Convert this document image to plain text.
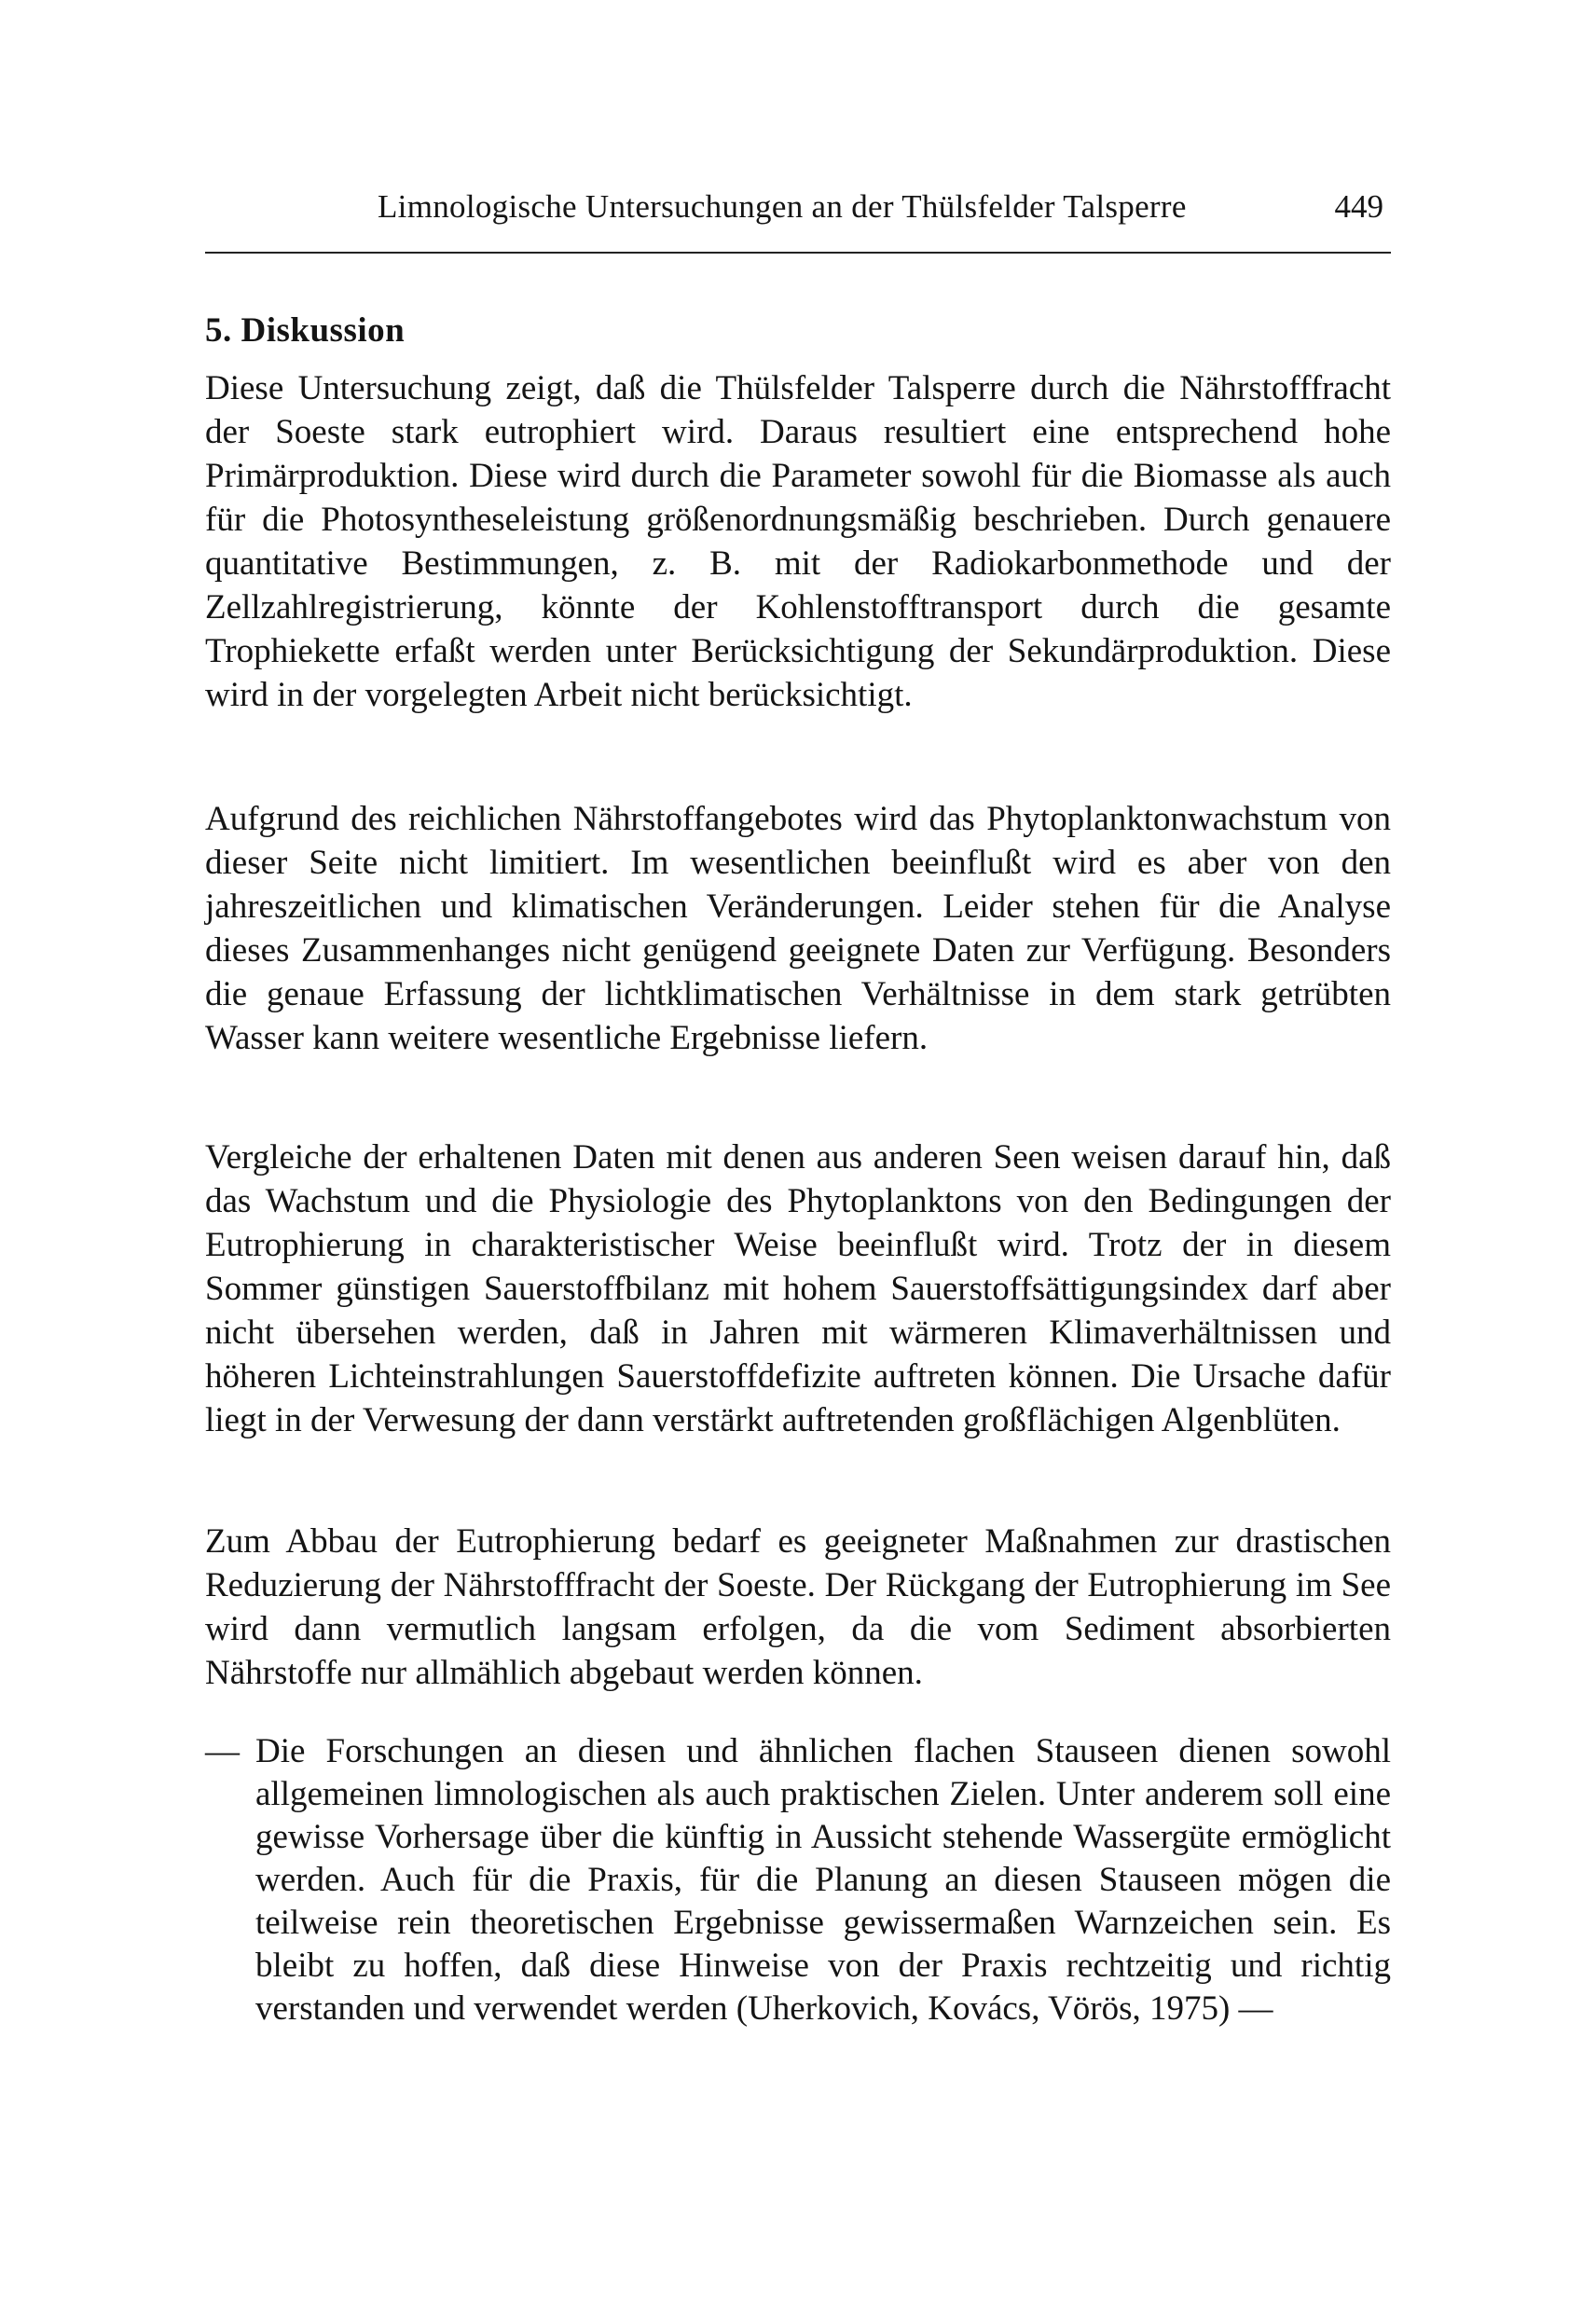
Limnologische Untersuchungen an der Thülsfelder Talsperre	449
5. Diskussion

Diese Untersuchung zeigt, daß die Thülsfelder Talsperre durch die Nährstofffracht der Soeste stark eutrophiert wird. Daraus resultiert eine entsprechend hohe Primärproduktion. Diese wird durch die Parameter sowohl für die Biomasse als auch für die Photosyntheseleistung größenordnungsmäßig beschrieben. Durch genauere quantitative Bestimmungen, z. B. mit der Radiokarbonmethode und der Zellzahlregistrierung, könnte der Kohlenstofftransport durch die gesamte Trophiekette erfaßt werden unter Berücksichtigung der Sekundärproduktion. Diese wird in der vorgelegten Arbeit nicht berücksichtigt.

Aufgrund des reichlichen Nährstoffangebotes wird das Phytoplanktonwachstum von dieser Seite nicht limitiert. Im wesentlichen beeinflußt wird es aber von den jahreszeitlichen und klimatischen Veränderungen. Leider stehen für die Analyse dieses Zusammenhanges nicht genügend geeignete Daten zur Verfügung. Besonders die genaue Erfassung der lichtklimatischen Verhältnisse in dem stark getrübten Wasser kann weitere wesentliche Ergebnisse liefern.

Vergleiche der erhaltenen Daten mit denen aus anderen Seen weisen darauf hin, daß das Wachstum und die Physiologie des Phytoplanktons von den Bedingungen der Eutrophierung in charakteristischer Weise beeinflußt wird. Trotz der in diesem Sommer günstigen Sauerstoffbilanz mit hohem Sauerstoffsättigungsindex darf aber nicht übersehen werden, daß in Jahren mit wärmeren Klimaverhältnissen und höheren Lichteinstrahlungen Sauerstoffdefizite auftreten können. Die Ursache dafür liegt in der Verwesung der dann verstärkt auftretenden großflächigen Algenblüten.

Zum Abbau der Eutrophierung bedarf es geeigneter Maßnahmen zur drastischen Reduzierung der Nährstofffracht der Soeste. Der Rückgang der Eutrophierung im See wird dann vermutlich langsam erfolgen, da die vom Sediment absorbierten Nährstoffe nur allmählich abgebaut werden können.

— Die Forschungen an diesen und ähnlichen flachen Stauseen dienen sowohl allgemeinen limnologischen als auch praktischen Zielen. Unter anderem soll eine gewisse Vorhersage über die künftig in Aussicht stehende Wassergüte ermöglicht werden. Auch für die Praxis, für die Planung an diesen Stauseen mögen die teilweise rein theoretischen Ergebnisse gewissermaßen Warnzeichen sein. Es bleibt zu hoffen, daß diese Hinweise von der Praxis rechtzeitig und richtig verstanden und verwendet werden (Uherkovich, Kovács, Vörös, 1975) —
